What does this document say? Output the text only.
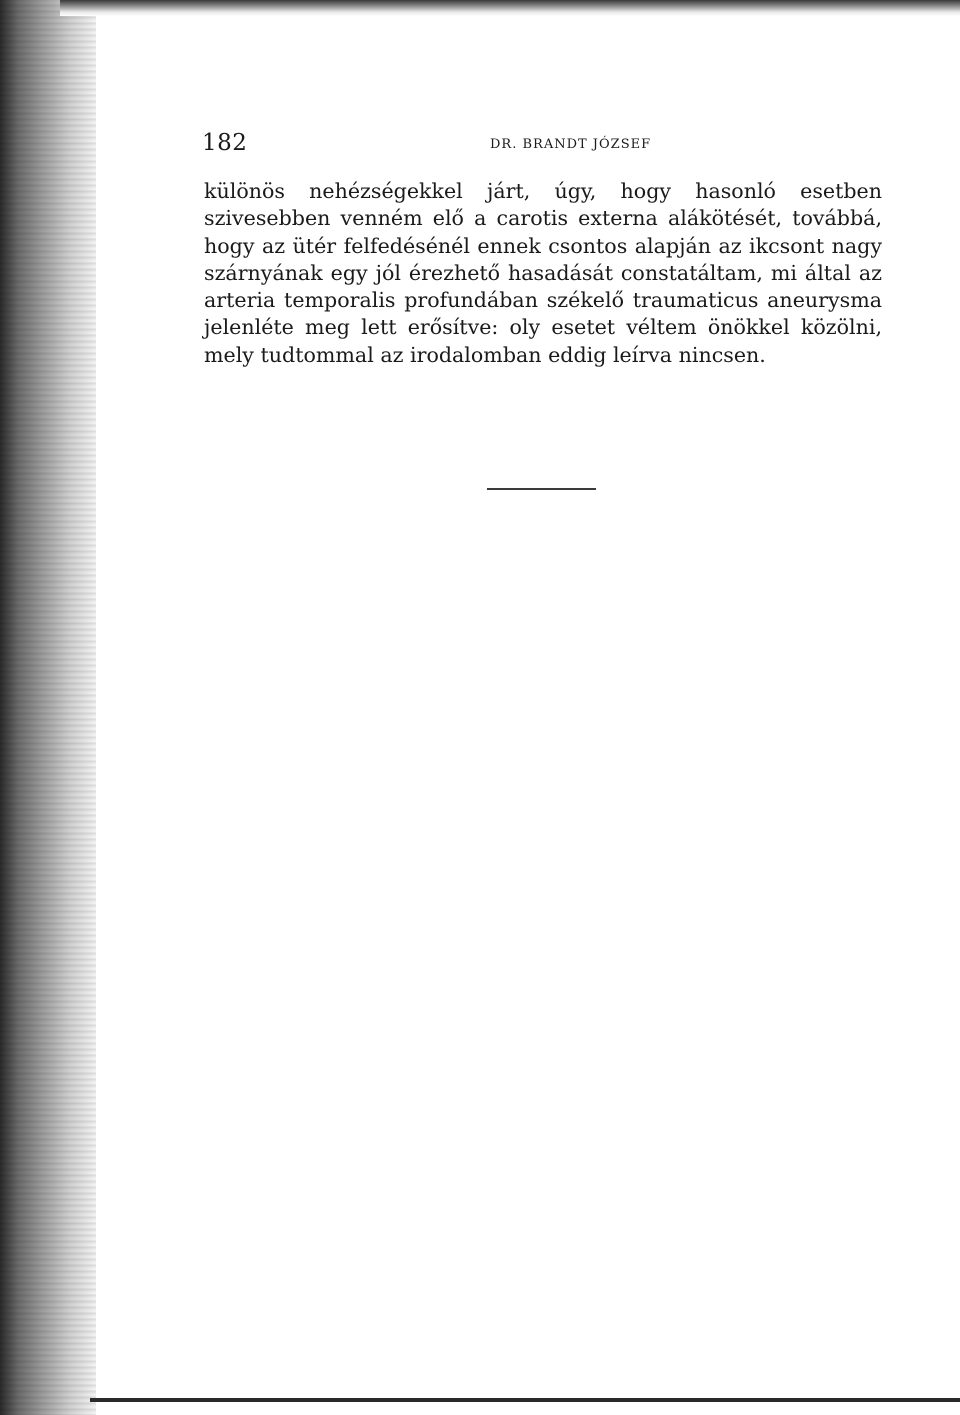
182	DR. BRANDT JÓZSEF

különös nehézségekkel járt, úgy, hogy hasonló esetben szivesebben venném elő a carotis externa alákötését, továbbá, hogy az ütér felfedésénél ennek csontos alapján az ikcsont nagy szárnyának egy jól érezhető hasadását constatáltam, mi által az arteria temporalis profundában székelő traumaticus aneurysma jelenléte meg lett erősítve: oly esetet véltem önökkel közölni, mely tudtommal az irodalomban eddig leírva nincsen.
